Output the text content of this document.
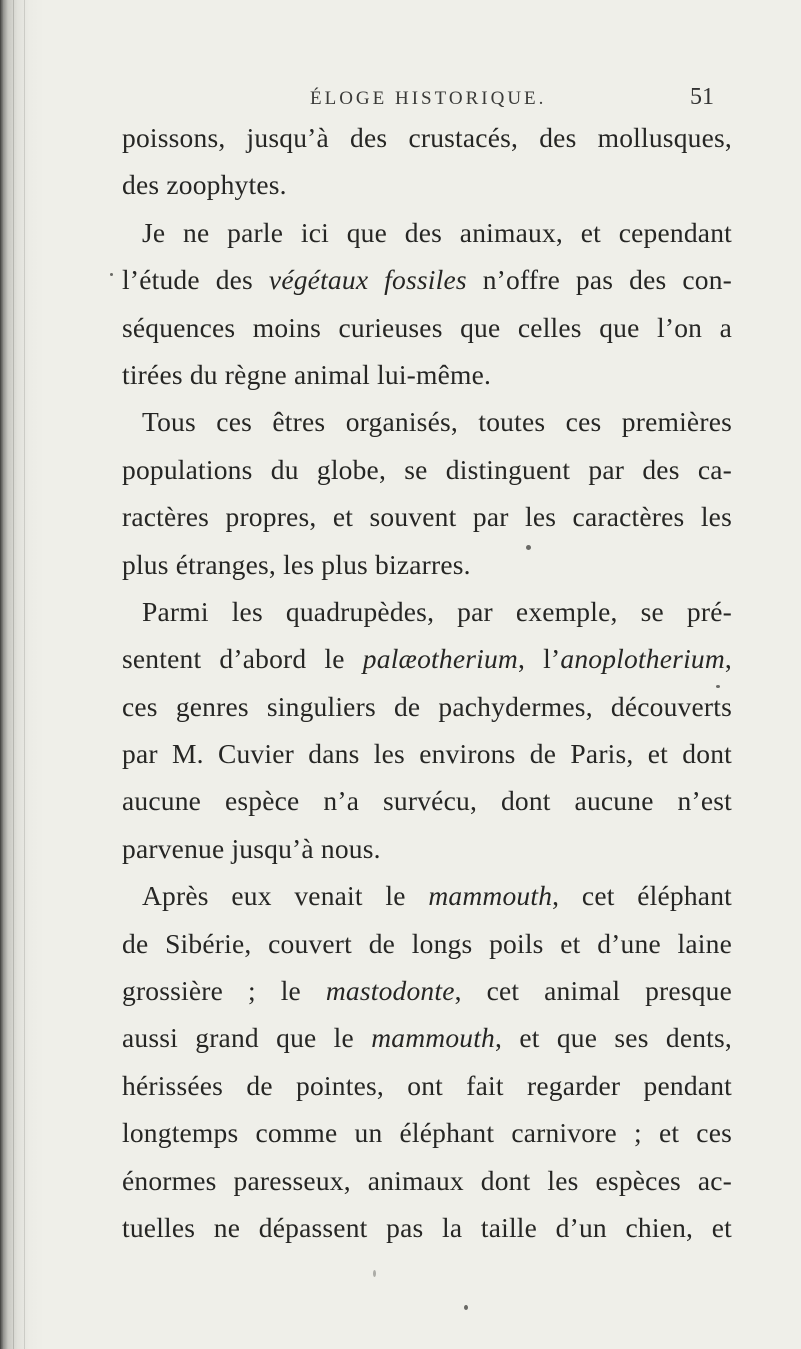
ÉLOGE HISTORIQUE.	51
poissons, jusqu’à des crustacés, des mollusques,
des zoophytes.
Je ne parle ici que des animaux, et cependant
l’étude des végétaux fossiles n’offre pas des con-
séquences moins curieuses que celles que l’on a
tirées du règne animal lui-même.
Tous ces êtres organisés, toutes ces premières
populations du globe, se distinguent par des ca-
ractères propres, et souvent par les caractères les
plus étranges, les plus bizarres.
Parmi les quadrupèdes, par exemple, se pré-
sentent d’abord le palæotherium, l’anoplotherium,
ces genres singuliers de pachydermes, découverts
par M. Cuvier dans les environs de Paris, et dont
aucune espèce n’a survécu, dont aucune n’est
parvenue jusqu’à nous.
Après eux venait le mammouth, cet éléphant
de Sibérie, couvert de longs poils et d’une laine
grossière ; le mastodonte, cet animal presque
aussi grand que le mammouth, et que ses dents,
hérissées de pointes, ont fait regarder pendant
longtemps comme un éléphant carnivore ; et ces
énormes paresseux, animaux dont les espèces ac-
tuelles ne dépassent pas la taille d’un chien, et
